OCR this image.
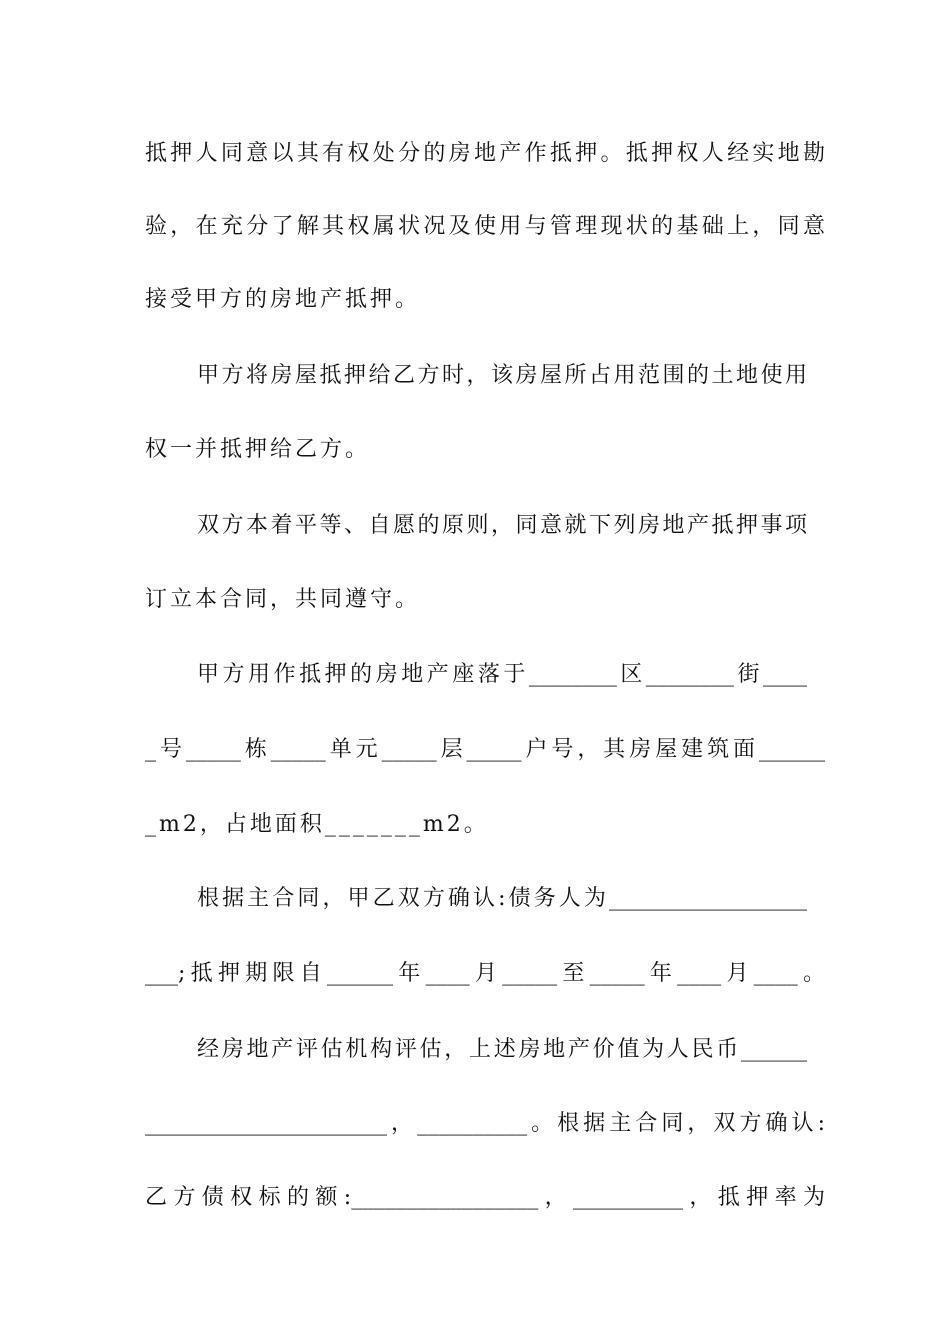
抵押人同意以其有权处分的房地产作抵押。抵押权人经实地勘
验，在充分了解其权属状况及使用与管理现状的基础上，同意
接受甲方的房地产抵押。
甲方将房屋抵押给乙方时，该房屋所占用范围的土地使用
权一并抵押给乙方。
双方本着平等、自愿的原则，同意就下列房地产抵押事项
订立本合同，共同遵守。
甲方用作抵押的房地产座落于________区________街____
_号_____栋_____单元_____层_____户号，其房屋建筑面______
_m2，占地面积_______m2。
根据主合同，甲乙双方确认:债务人为__________________
___;抵押期限自______年____月_____至_____年____月____。
经房地产评估机构评估，上述房地产价值为人民币______
______________________，__________。根据主合同，双方确认:
乙方债权标的额:_________________，__________，抵押率为
